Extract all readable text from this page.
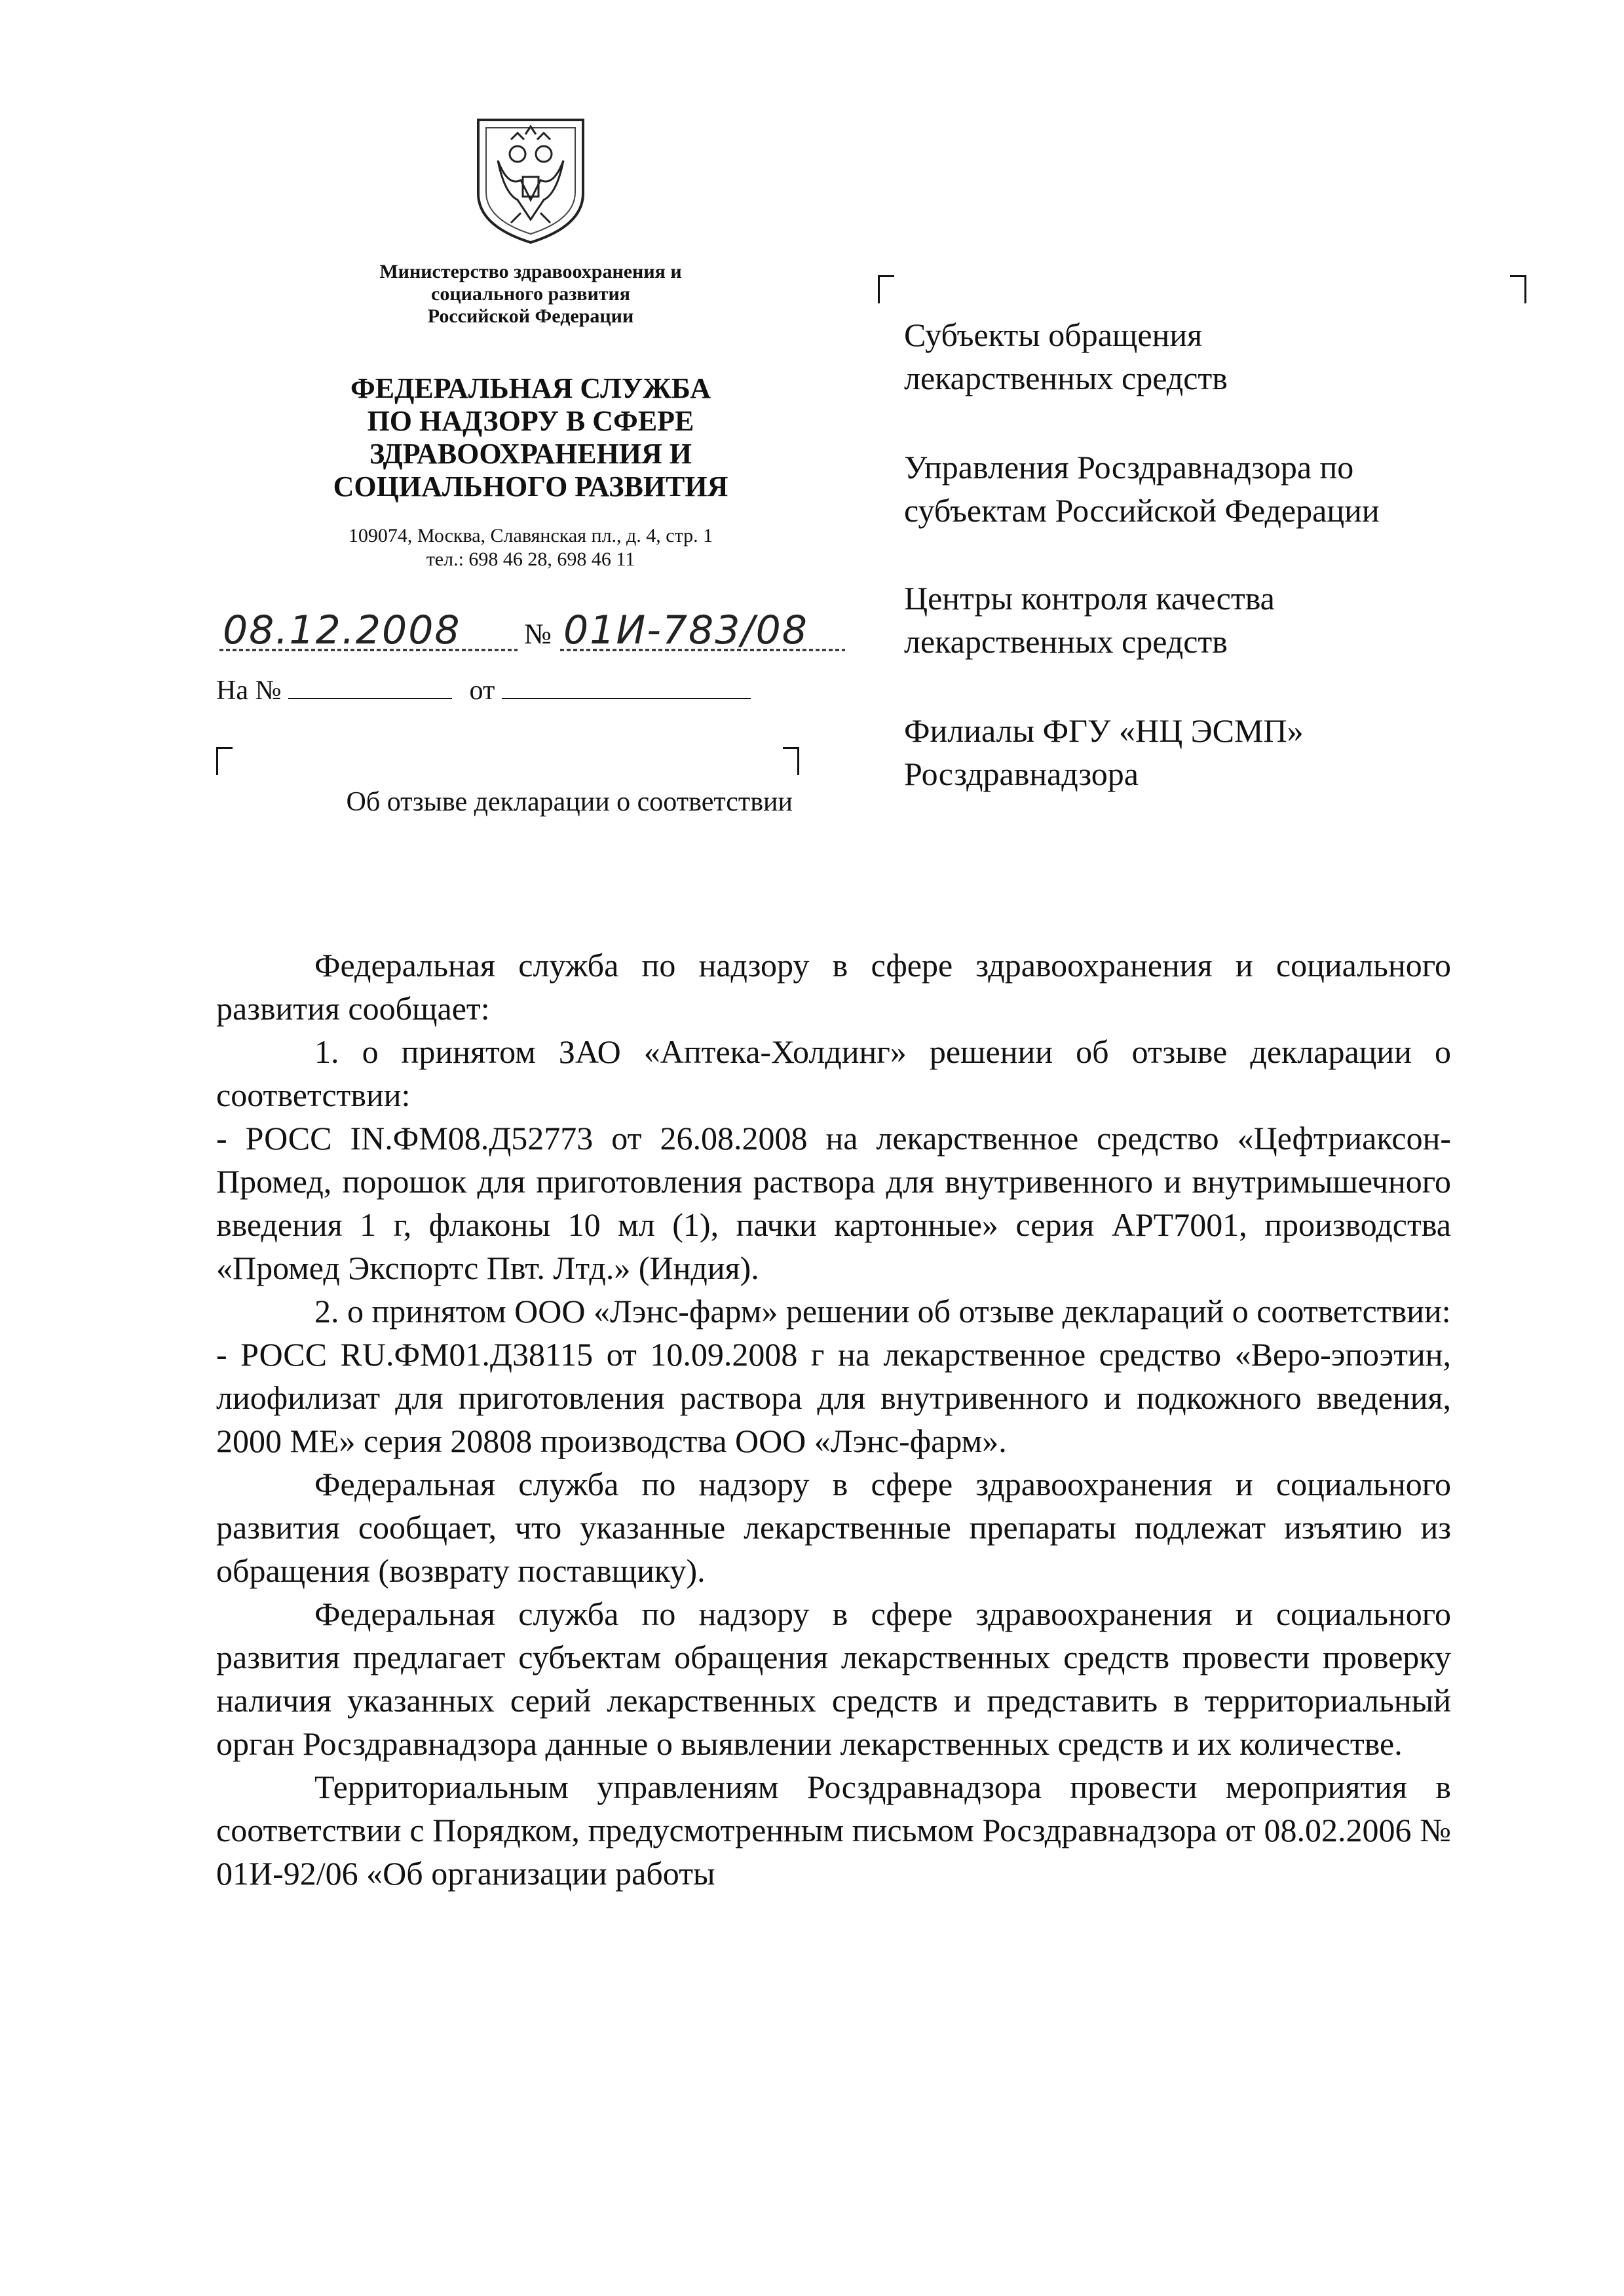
Министерство здравоохранения и
социального развития
Российской Федерации
ФЕДЕРАЛЬНАЯ СЛУЖБА
ПО НАДЗОРУ В СФЕРЕ
ЗДРАВООХРАНЕНИЯ И
СОЦИАЛЬНОГО РАЗВИТИЯ
109074, Москва, Славянская пл., д. 4, стр. 1
тел.: 698 46 28, 698 46 11
08.12.2008 № 01И-783/08
На №	от
Об отзыве декларации о соответствии
Субъекты обращения
лекарственных средств
Управления Росздравнадзора по
субъектам Российской Федерации
Центры контроля качества
лекарственных средств
Филиалы ФГУ «НЦ ЭСМП»
Росздравнадзора

Федеральная служба по надзору в сфере здравоохранения и социального развития сообщает:

1. о принятом ЗАО «Аптека-Холдинг» решении об отзыве декларации о соответствии:

- РОСС IN.ФМ08.Д52773 от 26.08.2008 на лекарственное средство «Цефтриаксон-Промед, порошок для приготовления раствора для внутривенного и внутримышечного введения 1 г, флаконы 10 мл (1), пачки картонные» серия APT7001, производства «Промед Экспортс Пвт. Лтд.» (Индия).

2. о принятом ООО «Лэнс-фарм» решении об отзыве деклараций о соответствии:

- РОСС RU.ФМ01.Д38115 от 10.09.2008 г на лекарственное средство «Веро-эпоэтин, лиофилизат для приготовления раствора для внутривенного и подкожного введения, 2000 МЕ» серия 20808 производства ООО «Лэнс-фарм».

Федеральная служба по надзору в сфере здравоохранения и социального развития сообщает, что указанные лекарственные препараты подлежат изъятию из обращения (возврату поставщику).

Федеральная служба по надзору в сфере здравоохранения и социального развития предлагает субъектам обращения лекарственных средств провести проверку наличия указанных серий лекарственных средств и представить в территориальный орган Росздравнадзора данные о выявлении лекарственных средств и их количестве.

Территориальным управлениям Росздравнадзора провести мероприятия в соответствии с Порядком, предусмотренным письмом Росздравнадзора от 08.02.2006 № 01И-92/06 «Об организации работы
